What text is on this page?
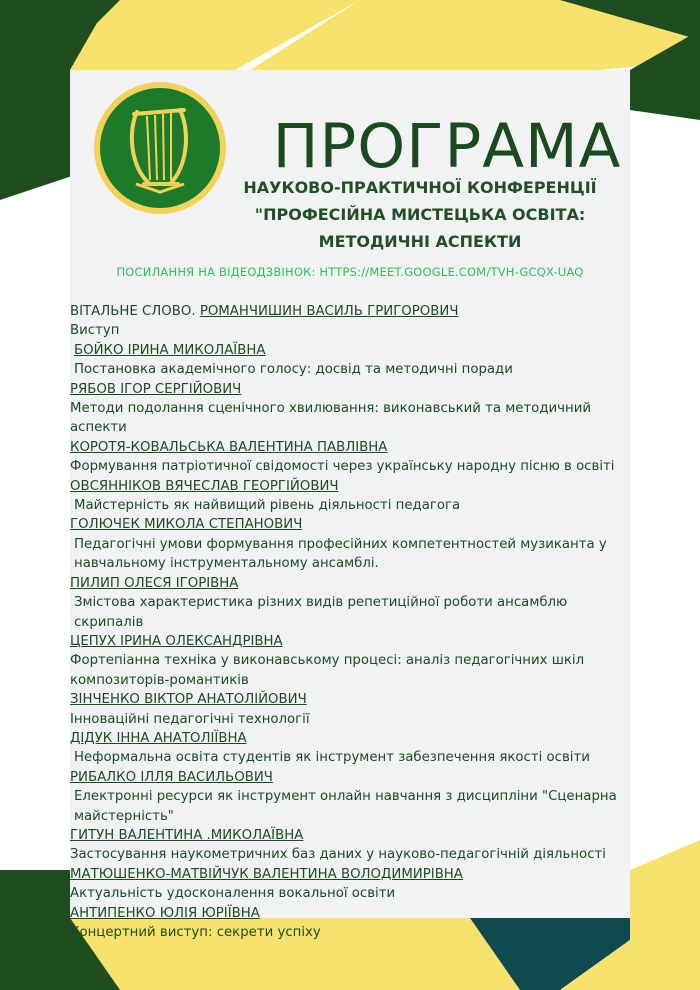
ПРОГРАМА
НАУКОВО-ПРАКТИЧНОЇ КОНФЕРЕНЦІЇ
"ПРОФЕСІЙНА МИСТЕЦЬКА ОСВІТА:
МЕТОДИЧНІ АСПЕКТИ
ПОСИЛАННЯ НА ВІДЕОДЗВІНОК: HTTPS://MEET.GOOGLE.COM/TVH-GCQX-UAQ

ВІТАЛЬНЕ СЛОВО. РОМАНЧИШИН ВАСИЛЬ ГРИГОРОВИЧ

Виступ

БОЙКО ІРИНА МИКОЛАЇВНА

Постановка академічного голосу: досвід та методичні поради

РЯБОВ ІГОР СЕРГІЙОВИЧ

Методи подолання сценічного хвилювання: виконавський та методичний аспекти

КОРОТЯ-КОВАЛЬСЬКА ВАЛЕНТИНА ПАВЛІВНА

Формування патріотичної свідомості через українську народну пісню в освіті

ОВСЯННІКОВ ВЯЧЕСЛАВ ГЕОРГІЙОВИЧ

Майстерність як найвищий рівень діяльності педагога

ГОЛЮЧЕК МИКОЛА СТЕПАНОВИЧ

Педагогічні умови формування професійних компетентностей музиканта у навчальному інструментальному ансамблі.

ПИЛИП ОЛЕСЯ ІГОРІВНА

Змістова характеристика різних видів репетиційної роботи ансамблю скрипалів

ЦЕПУХ ІРИНА ОЛЕКСАНДРІВНА

Фортепіанна техніка у виконавському процесі: аналіз педагогічних шкіл композиторів-романтиків

ЗІНЧЕНКО ВІКТОР АНАТОЛІЙОВИЧ

Інноваційні педагогічні технології

ДІДУК ІННА АНАТОЛІЇВНА

Неформальна освіта студентів як інструмент забезпечення якості освіти

РИБАЛКО ІЛЛЯ ВАСИЛЬОВИЧ

Електронні ресурси як інструмент онлайн навчання з дисципліни "Сценарна майстерність"

ГИТУН ВАЛЕНТИНА .МИКОЛАЇВНА

Застосування наукометричних баз даних у науково-педагогічній діяльності

МАТЮШЕНКО-МАТВІЙЧУК ВАЛЕНТИНА ВОЛОДИМИРІВНА

Актуальність удосконалення вокальної освіти

АНТИПЕНКО ЮЛІЯ ЮРІЇВНА

Концертний виступ: секрети успіху
